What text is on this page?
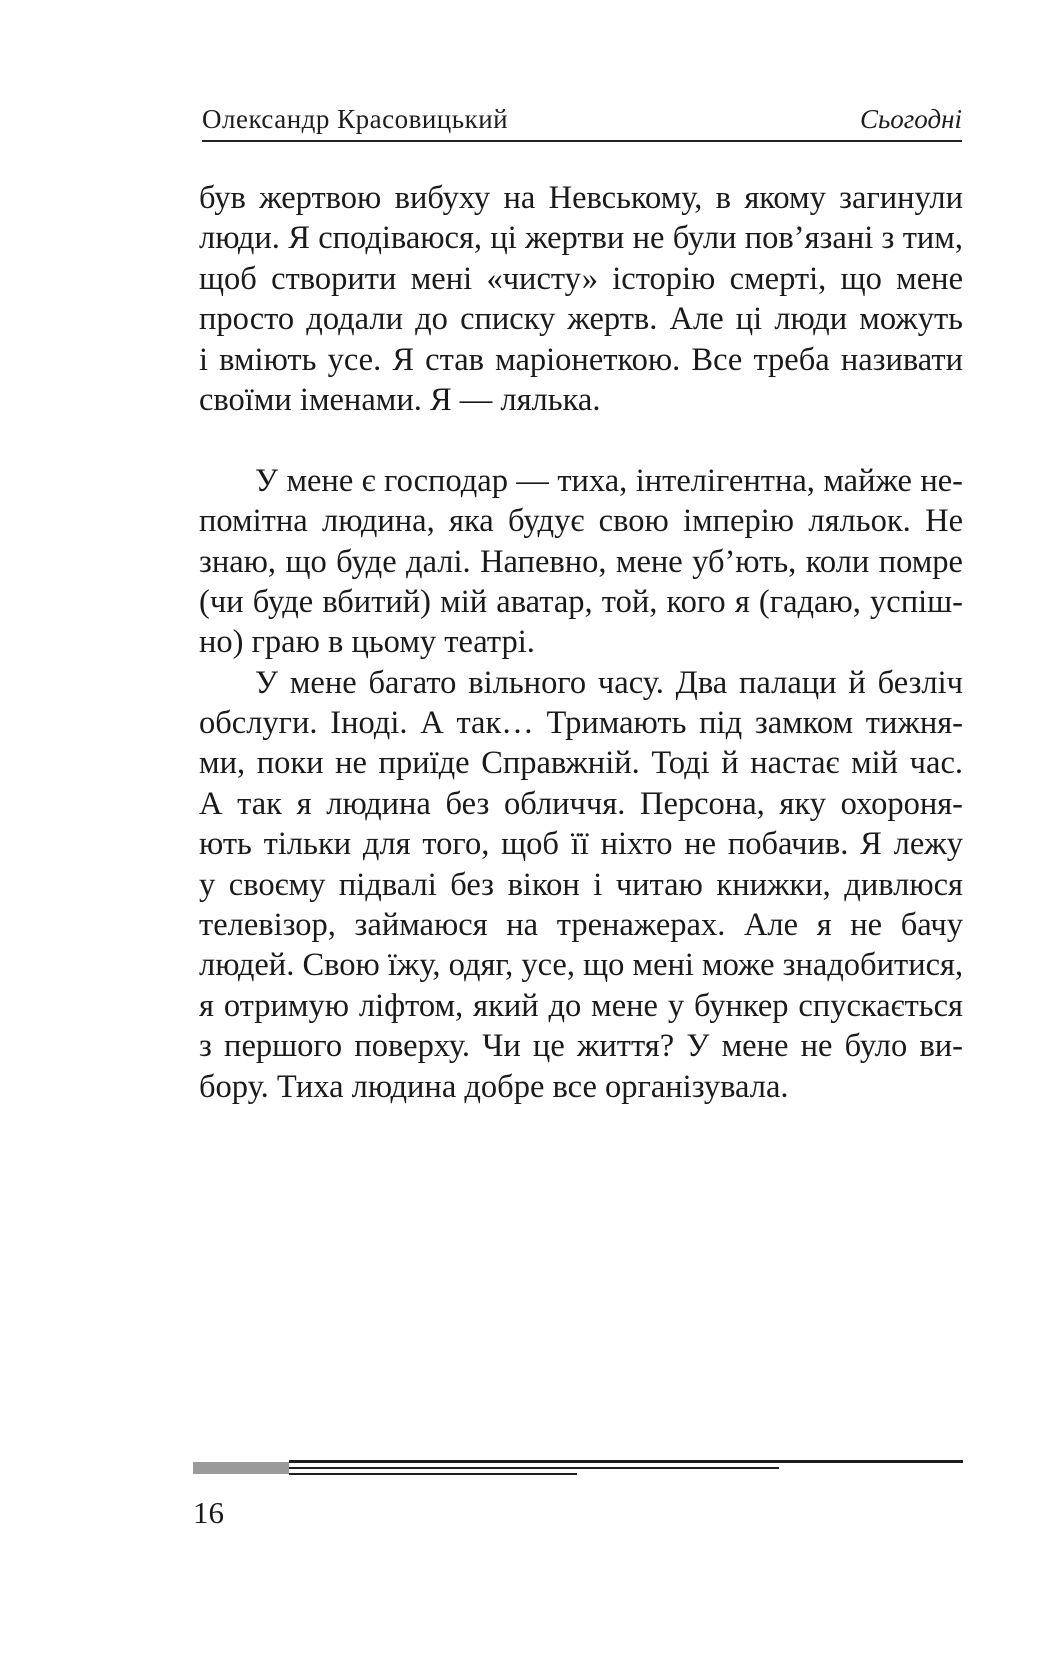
Олександр Красовицький	Сьогодні
був жертвою вибуху на Невському, в якому загинули
люди. Я сподіваюся, ці жертви не були пов’язані з тим,
щоб створити мені «чисту» історію смерті, що мене
просто додали до списку жертв. Але ці люди можуть
і вміють усе. Я став маріонеткою. Все треба називати
своїми іменами. Я — лялька.
У мене є господар — тиха, інтелігентна, майже не-
помітна людина, яка будує свою імперію ляльок. Не
знаю, що буде далі. Напевно, мене уб’ють, коли помре
(чи буде вбитий) мій аватар, той, кого я (гадаю, успіш-
но) граю в цьому театрі.
У мене багато вільного часу. Два палаци й безліч
обслуги. Іноді. А так… Тримають під замком тижня-
ми, поки не приїде Справжній. Тоді й настає мій час.
А так я людина без обличчя. Персона, яку охороня-
ють тільки для того, щоб її ніхто не побачив. Я лежу
у своєму підвалі без вікон і читаю книжки, дивлюся
телевізор, займаюся на тренажерах. Але я не бачу
людей. Свою їжу, одяг, усе, що мені може знадобитися,
я отримую ліфтом, який до мене у бункер спускається
з першого поверху. Чи це життя? У мене не було ви-
бору. Тиха людина добре все організувала.
16
